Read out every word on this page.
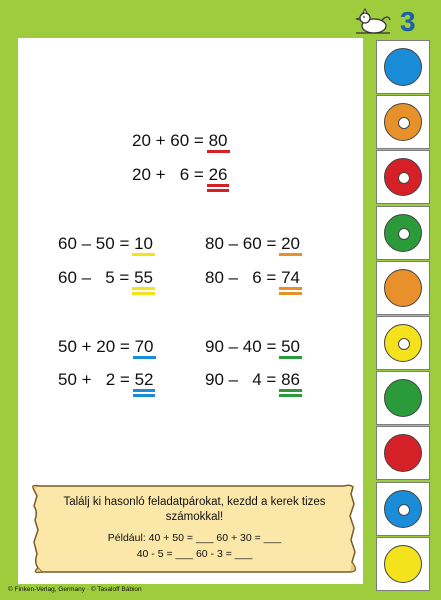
3
20 + 60 = 80
20 +   6 = 26
60 – 50 = 10
60 –   5 = 55
80 – 60 = 20
80 –   6 = 74
50 + 20 = 70
50 +   2 = 52
90 – 40 = 50
90 –   4 = 86
Találj ki hasonló feladatpárokat, kezdd a kerek tizes
számokkal!
Például: 40 + 50 = ___ 60 + 30 = ___
40 - 5 = ___ 60 - 3 = ___
© Finken-Verlag, Germany · © Tasaloff Bábion
